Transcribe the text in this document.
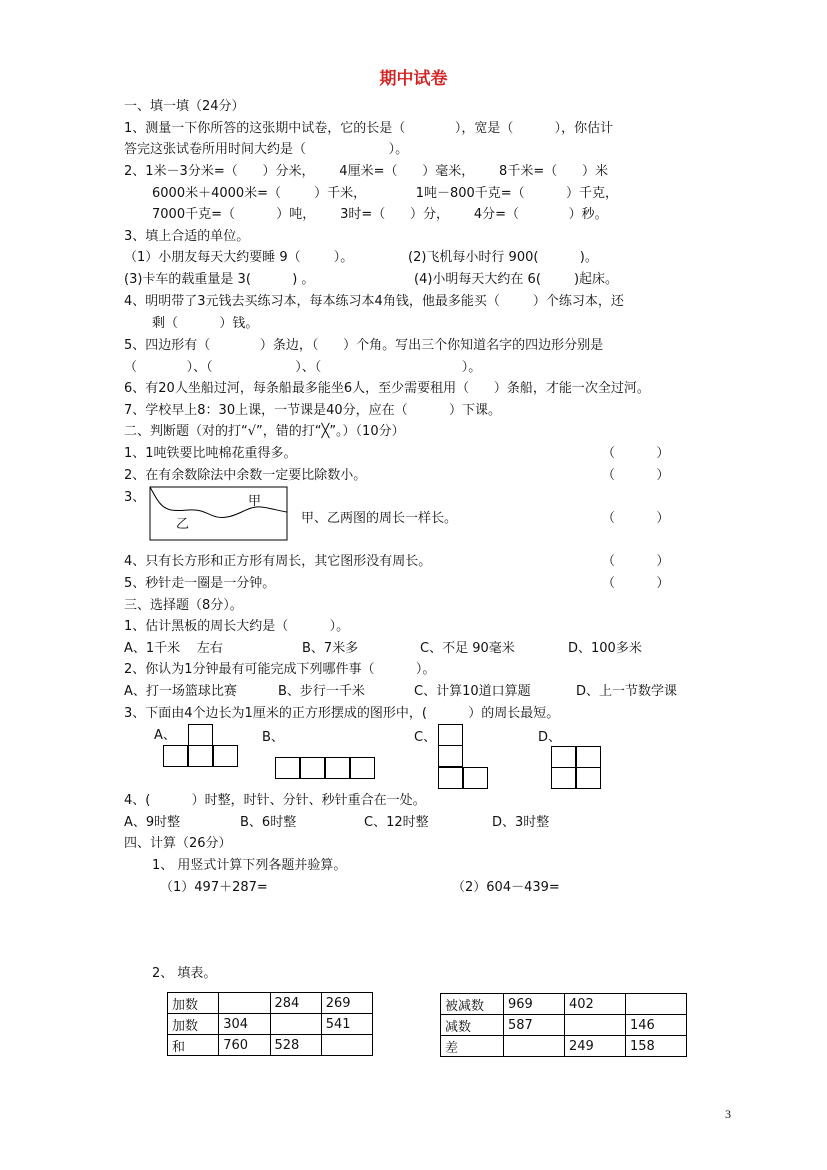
期中试卷
一、填一填（24分）
1、测量一下你所答的这张期中试卷，它的长是（            ），宽是（          ），你估计
答完这张试卷所用时间大约是（                    ）。
2、1米－3分米=（      ）分米，      4厘米=（      ）毫米，      8千米=（      ）米
6000米＋4000米=（        ）千米，            1吨－800千克=（          ）千克，
7000千克=（          ）吨，      3时=（      ）分，      4分=（            ）秒。
3、填上合适的单位。
（1）小朋友每天大约要睡 9（        ）。	(2)飞机每小时行 900(          )。
(3)卡车的载重量是 3(          ) 。	(4)小明每天大约在 6(        )起床。
4、明明带了3元钱去买练习本，每本练习本4角钱，他最多能买（        ）个练习本，还
剩（          ）钱。
5、四边形有（            ）条边，（      ）个角。写出三个你知道名字的四边形分别是
（            ）、（                    ）、（                                  ）。
6、有20人坐船过河，每条船最多能坐6人，至少需要租用（      ）条船，才能一次全过河。
7、学校早上8：30上课，一节课是40分，应在（          ）下课。
二、判断题（对的打“√”，错的打“╳”。）（10分）
1、1吨铁要比吨棉花重得多。	（          ）
2、在有余数除法中余数一定要比除数小。	（          ）
3、	甲
乙	甲、乙两图的周长一样长。	（          ）
4、只有长方形和正方形有周长，其它图形没有周长。	（          ）
5、秒针走一圈是一分钟。	（          ）
三、选择题（8分）。
1、估计黑板的周长大约是（          ）。
A、1千米    左右	B、7米多	C、不足 90毫米	D、100多米
2、你认为1分钟最有可能完成下列哪件事（          ）。
A、打一场篮球比赛	B、步行一千米	C、计算10道口算题	D、上一节数学课
3、下面由4个边长为1厘米的正方形摆成的图形中，(          ）的周长最短。
A、	B、	C、	D、
4、(          ）时整，时针、分针、秒针重合在一处。
A、9时整	B、6时整	C、12时整	D、3时整
四、计算（26分）
1、 用竖式计算下列各题并验算。
（1）497＋287=	（2）604－439=
2、 填表。
加数		284	269
加数	304		541
和	760	528	
被减数	969	402	
减数	587		146
差		249	158
3
